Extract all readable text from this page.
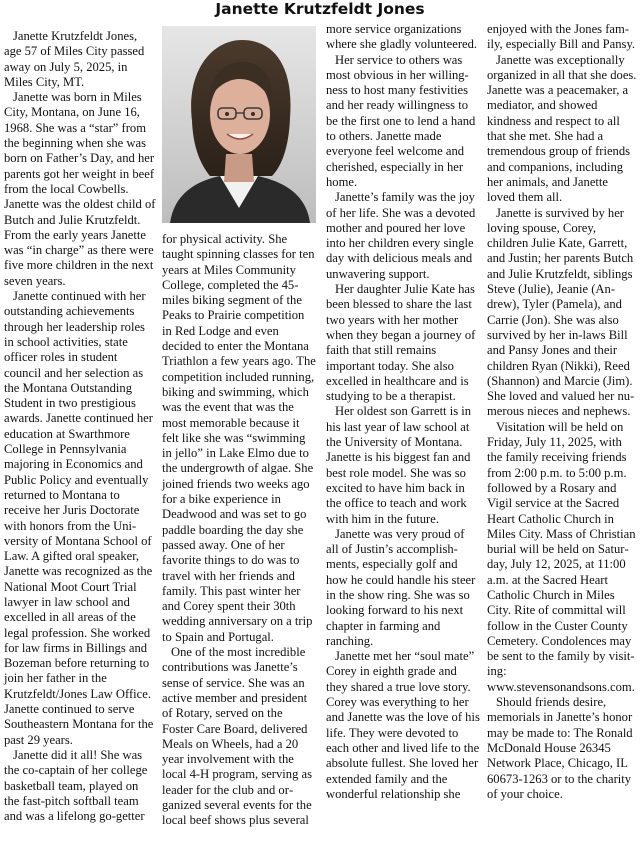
Janette Krutzfeldt Jones

Janette Krutzfeldt Jones, age 57 of Miles City passed away on July 5, 2025, in Miles City, MT.

Janette was born in Miles City, Montana, on June 16, 1968. She was a “star” from the beginning when she was born on Father’s Day, and her parents got her weight in beef from the local Cowbells. Janette was the oldest child of Butch and Julie Krutzfeldt. From the early years Janette was “in charge” as there were five more children in the next seven years.

Janette continued with her outstanding achievements through her leadership roles in school activities, state officer roles in student council and her selection as the Montana Outstanding Student in two prestigious awards. Janette continued her education at Swarthmore College in Pennsylvania majoring in Economics and Public Policy and eventually returned to Montana to receive her Juris Doctorate with honors from the University of Montana School of Law. A gifted oral speaker, Janette was recognized as the National Moot Court Trial lawyer in law school and excelled in all areas of the legal profession. She worked for law firms in Billings and Bozeman before returning to join her father in the Krutzfeldt/Jones Law Office. Janette continued to serve Southeastern Montana for the past 29 years.

Janette did it all! She was the co-captain of her college basketball team, played on the fast-pitch softball team and was a lifelong go-getter

for physical activity. She taught spinning classes for ten years at Miles Community College, completed the 45-miles biking segment of the Peaks to Prairie competition in Red Lodge and even decided to enter the Montana Triathlon a few years ago. The competition included running, biking and swimming, which was the event that was the most memorable because it felt like she was “swimming in jello” in Lake Elmo due to the undergrowth of algae. She joined friends two weeks ago for a bike experience in Deadwood and was set to go paddle boarding the day she passed away. One of her favorite things to do was to travel with her friends and family. This past winter her and Corey spent their 30th wedding anniversary on a trip to Spain and Portugal.

One of the most incredible contributions was Janette’s sense of service. She was an active member and president of Rotary, served on the Foster Care Board, delivered Meals on Wheels, had a 20 year involvement with the local 4-H program, serving as leader for the club and organized several events for the local beef shows plus several

more service organizations where she gladly volunteered.

Her service to others was most obvious in her willingness to host many festivities and her ready willingness to be the first one to lend a hand to others. Janette made everyone feel welcome and cherished, especially in her home.

Janette’s family was the joy of her life. She was a devoted mother and poured her love into her children every single day with delicious meals and unwavering support.

Her daughter Julie Kate has been blessed to share the last two years with her mother when they began a journey of faith that still remains important today. She also excelled in healthcare and is studying to be a therapist.

Her oldest son Garrett is in his last year of law school at the University of Montana. Janette is his biggest fan and best role model. She was so excited to have him back in the office to teach and work with him in the future.

Janette was very proud of all of Justin’s accomplishments, especially golf and how he could handle his steer in the show ring. She was so looking forward to his next chapter in farming and ranching.

Janette met her “soul mate” Corey in eighth grade and they shared a true love story. Corey was everything to her and Janette was the love of his life. They were devoted to each other and lived life to the absolute fullest. She loved her extended family and the wonderful relationship she

enjoyed with the Jones family, especially Bill and Pansy.

Janette was exceptionally organized in all that she does. Janette was a peacemaker, a mediator, and showed kindness and respect to all that she met. She had a tremendous group of friends and companions, including her animals, and Janette loved them all.

Janette is survived by her loving spouse, Corey, children Julie Kate, Garrett, and Justin; her parents Butch and Julie Krutzfeldt, siblings Steve (Julie), Jeanie (Andrew), Tyler (Pamela), and Carrie (Jon). She was also survived by her in-laws Bill and Pansy Jones and their children Ryan (Nikki), Reed (Shannon) and Marcie (Jim). She loved and valued her numerous nieces and nephews.

Visitation will be held on Friday, July 11, 2025, with the family receiving friends from 2:00 p.m. to 5:00 p.m. followed by a Rosary and Vigil service at the Sacred Heart Catholic Church in Miles City. Mass of Christian burial will be held on Saturday, July 12, 2025, at 11:00 a.m. at the Sacred Heart Catholic Church in Miles City. Rite of committal will follow in the Custer County Cemetery. Condolences may be sent to the family by visiting: www.stevensonandsons.com.

Should friends desire, memorials in Janette’s honor may be made to: The Ronald McDonald House 26345 Network Place, Chicago, IL 60673-1263 or to the charity of your choice.
